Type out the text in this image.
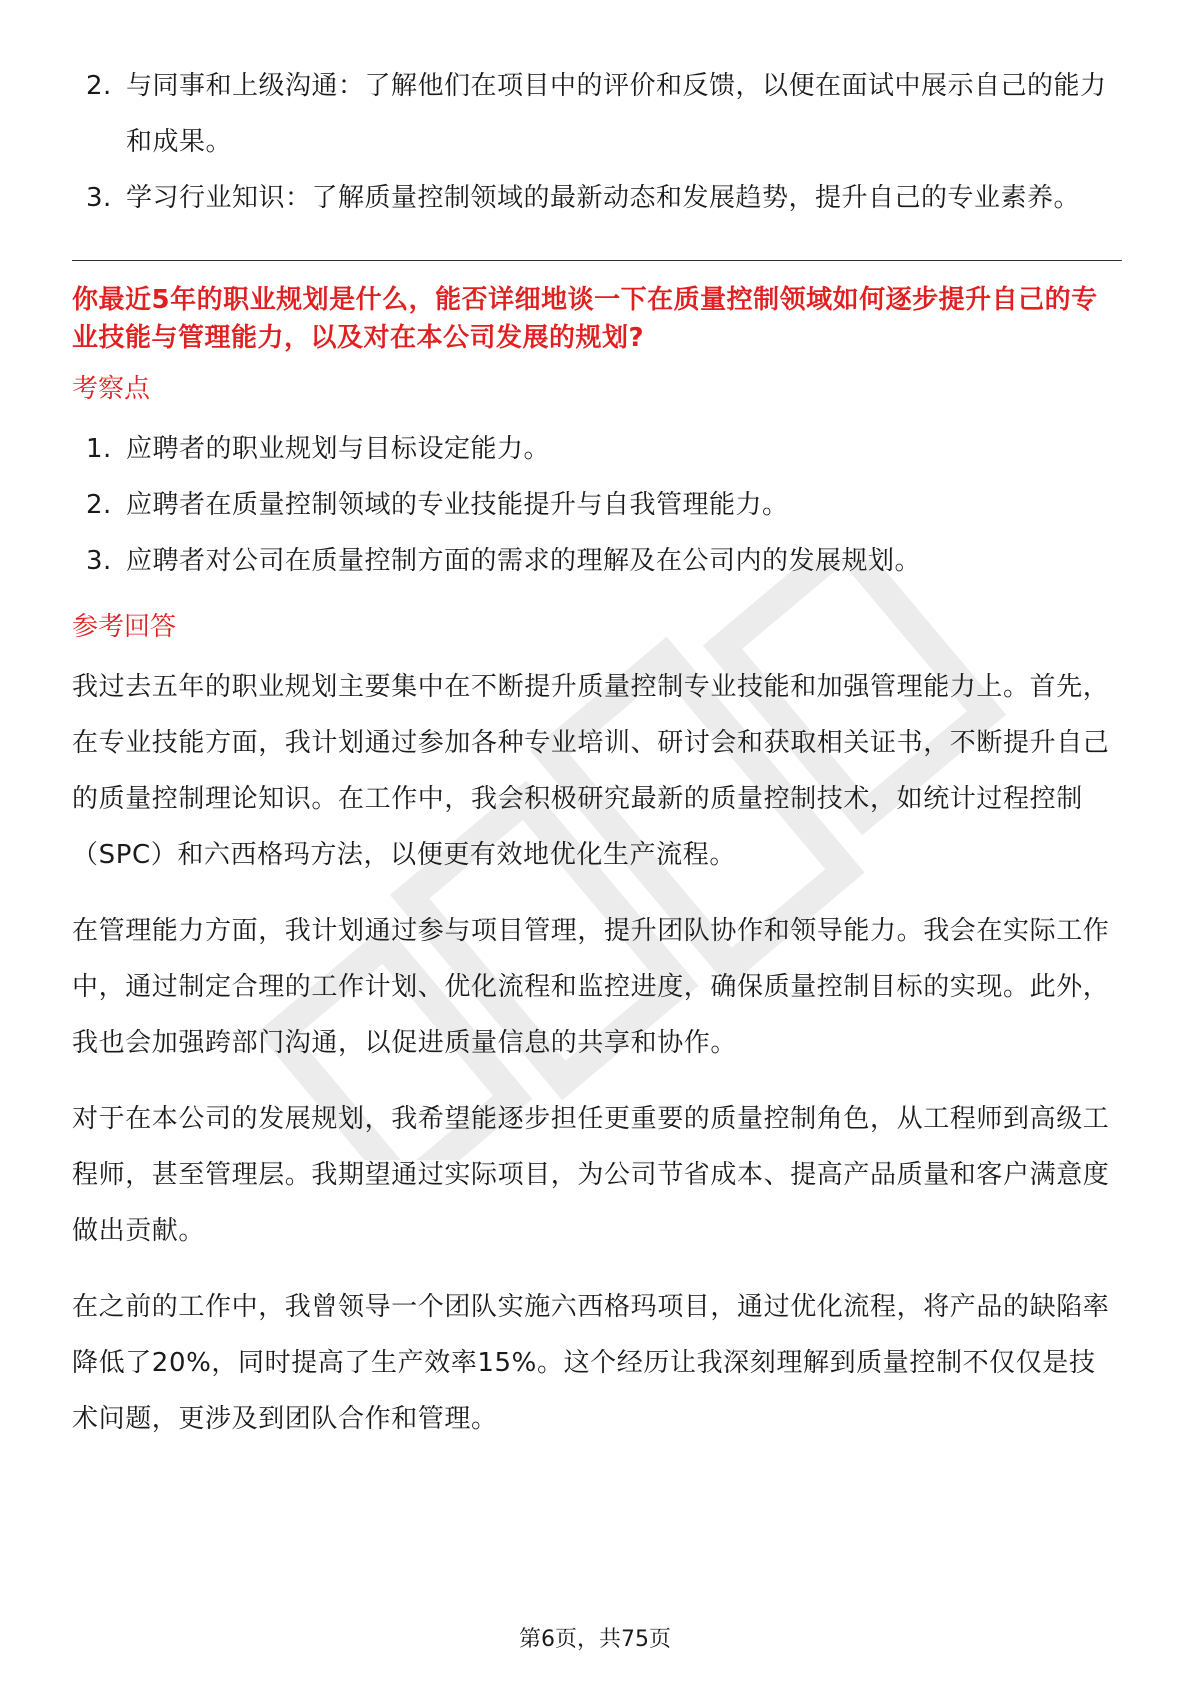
2. 与同事和上级沟通：了解他们在项目中的评价和反馈，以便在面试中展示自己的能力和成果。
3. 学习行业知识：了解质量控制领域的最新动态和发展趋势，提升自己的专业素养。
你最近5年的职业规划是什么，能否详细地谈一下在质量控制领域如何逐步提升自己的专业技能与管理能力，以及对在本公司发展的规划?
考察点
1. 应聘者的职业规划与目标设定能力。
2. 应聘者在质量控制领域的专业技能提升与自我管理能力。
3. 应聘者对公司在质量控制方面的需求的理解及在公司内的发展规划。
参考回答

我过去五年的职业规划主要集中在不断提升质量控制专业技能和加强管理能力上。首先，在专业技能方面，我计划通过参加各种专业培训、研讨会和获取相关证书，不断提升自己的质量控制理论知识。在工作中，我会积极研究最新的质量控制技术，如统计过程控制（SPC）和六西格玛方法，以便更有效地优化生产流程。

在管理能力方面，我计划通过参与项目管理，提升团队协作和领导能力。我会在实际工作中，通过制定合理的工作计划、优化流程和监控进度，确保质量控制目标的实现。此外，我也会加强跨部门沟通，以促进质量信息的共享和协作。

对于在本公司的发展规划，我希望能逐步担任更重要的质量控制角色，从工程师到高级工程师，甚至管理层。我期望通过实际项目，为公司节省成本、提高产品质量和客户满意度做出贡献。

在之前的工作中，我曾领导一个团队实施六西格玛项目，通过优化流程，将产品的缺陷率降低了20%，同时提高了生产效率15%。这个经历让我深刻理解到质量控制不仅仅是技术问题，更涉及到团队合作和管理。

第6页，共75页
